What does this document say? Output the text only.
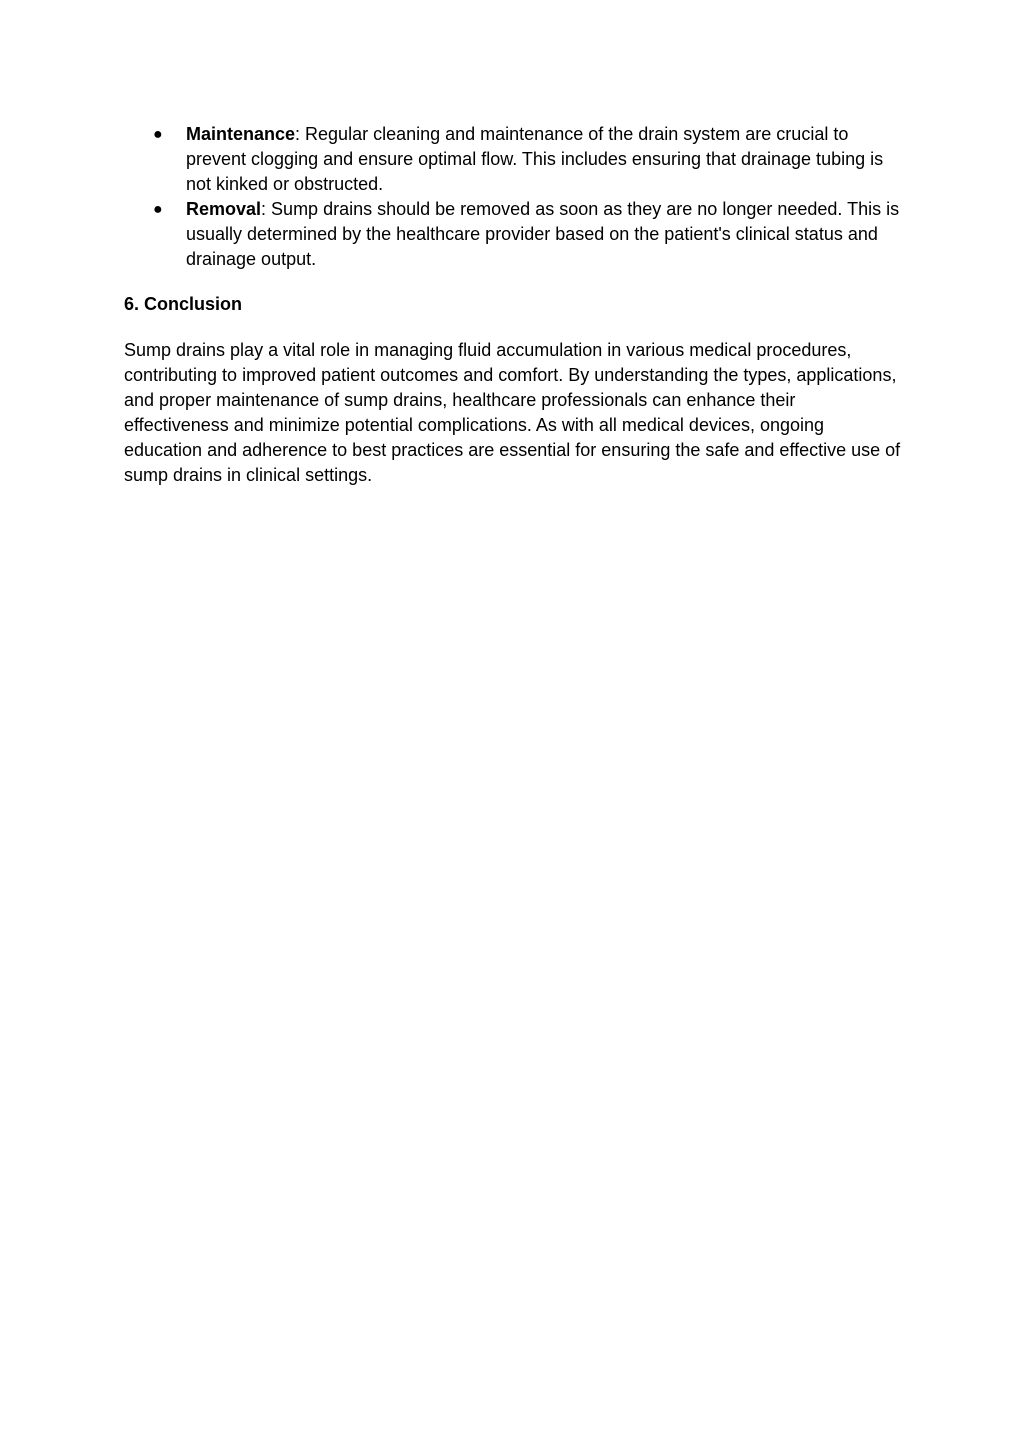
● Maintenance: Regular cleaning and maintenance of the drain system are crucial to prevent clogging and ensure optimal flow. This includes ensuring that drainage tubing is not kinked or obstructed.
● Removal: Sump drains should be removed as soon as they are no longer needed. This is usually determined by the healthcare provider based on the patient's clinical status and drainage output.
6. Conclusion

Sump drains play a vital role in managing fluid accumulation in various medical procedures, contributing to improved patient outcomes and comfort. By understanding the types, applications, and proper maintenance of sump drains, healthcare professionals can enhance their effectiveness and minimize potential complications. As with all medical devices, ongoing education and adherence to best practices are essential for ensuring the safe and effective use of sump drains in clinical settings.
